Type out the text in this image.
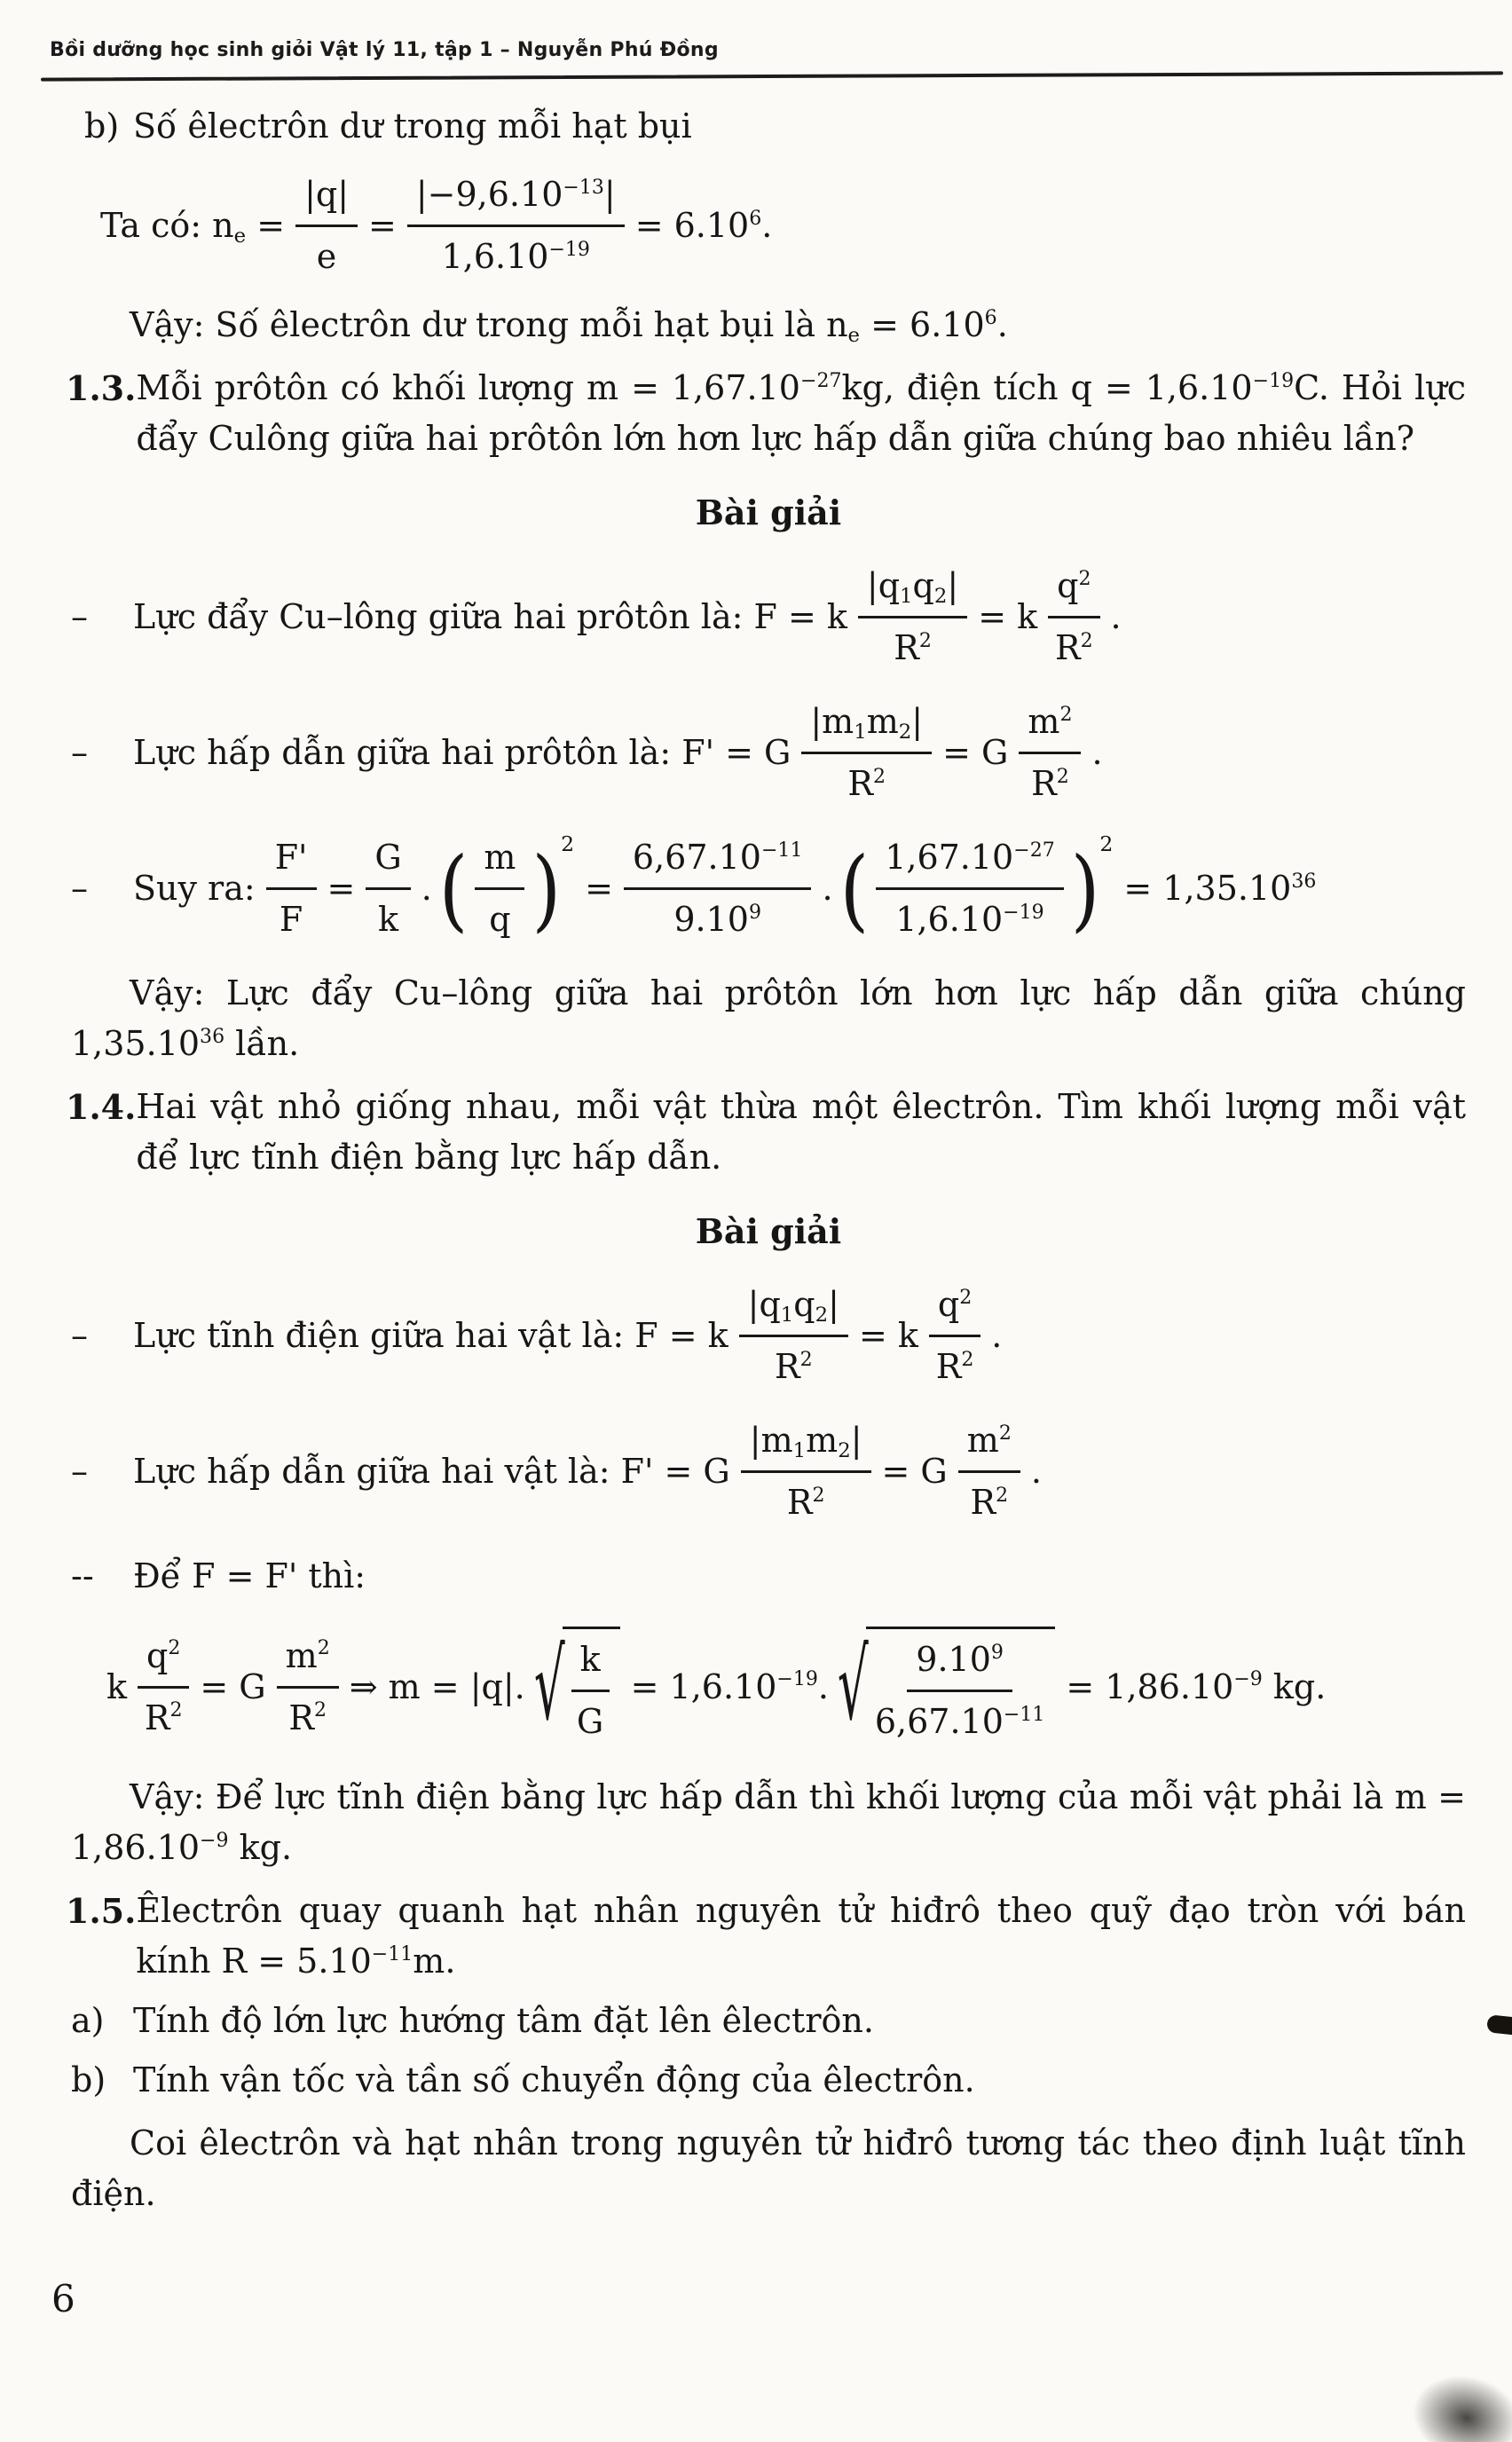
Bồi dưỡng học sinh giỏi Vật lý 11, tập 1 – Nguyễn Phú Đồng
b) Số êlectrôn dư trong mỗi hạt bụi
Ta có: $n_e = \frac{|q|}{e} = \frac{|-9,6.10^{-13}|}{1,6.10^{-19}} = 6.10^6$.
Vậy: Số êlectrôn dư trong mỗi hạt bụi là $n_e = 6.10^6$.
1.3. Mỗi prôtôn có khối lượng $m = 1,67.10^{-27}kg$, điện tích $q = 1,6.10^{-19}C$. Hỏi lực đẩy Culông giữa hai prôtôn lớn hơn lực hấp dẫn giữa chúng bao nhiêu lần?
Bài giải
–	Lực đẩy Cu–lông giữa hai prôtôn là: F = k $\frac{|q_1q_2|}{R^2} = k \frac{q^2}{R^2}$ .
–	Lực hấp dẫn giữa hai prôtôn là: F' = G $\frac{|m_1m_2|}{R^2} = G \frac{m^2}{R^2}$ .
–	Suy ra: $\frac{F'}{F} = \frac{G}{k}$ . ( $\frac{m}{q}$ ) 2
= $\frac{6,67.10^{-11}}{9.10^9}$ . ( $\frac{1,67.10^{-27}}{1,6.10^{-19}}$ ) 2
= $1,35.10^{36}$
Vậy: Lực đẩy Cu–lông giữa hai prôtôn lớn hơn lực hấp dẫn giữa chúng 1,35.10$^{36}$ lần.
1.4. Hai vật nhỏ giống nhau, mỗi vật thừa một êlectrôn. Tìm khối lượng mỗi vật để lực tĩnh điện bằng lực hấp dẫn.
Bài giải
–	Lực tĩnh điện giữa hai vật là: F = k $\frac{|q_1q_2|}{R^2} = k \frac{q^2}{R^2}$ .
–	Lực hấp dẫn giữa hai vật là: F' = G $\frac{|m_1m_2|}{R^2} = G \frac{m^2}{R^2}$ .
--	Để F = F' thì:
k $\frac{q^2}{R^2} = G \frac{m^2}{R^2}$ ⇒ m = |q|. √ $\frac{k}{G} = 1,6.10^{-19}$. √ $\frac{9.10^9}{6,67.10^{-11}} = 1,86.10^{-9}$ kg.
Vậy: Để lực tĩnh điện bằng lực hấp dẫn thì khối lượng của mỗi vật phải là $m = 1,86.10^{-9}$ kg.
1.5. Êlectrôn quay quanh hạt nhân nguyên tử hiđrô theo quỹ đạo tròn với bán kính $R = 5.10^{-11}m$.
a) Tính độ lớn lực hướng tâm đặt lên êlectrôn.
b) Tính vận tốc và tần số chuyển động của êlectrôn.
Coi êlectrôn và hạt nhân trong nguyên tử hiđrô tương tác theo định luật tĩnh điện.
6
